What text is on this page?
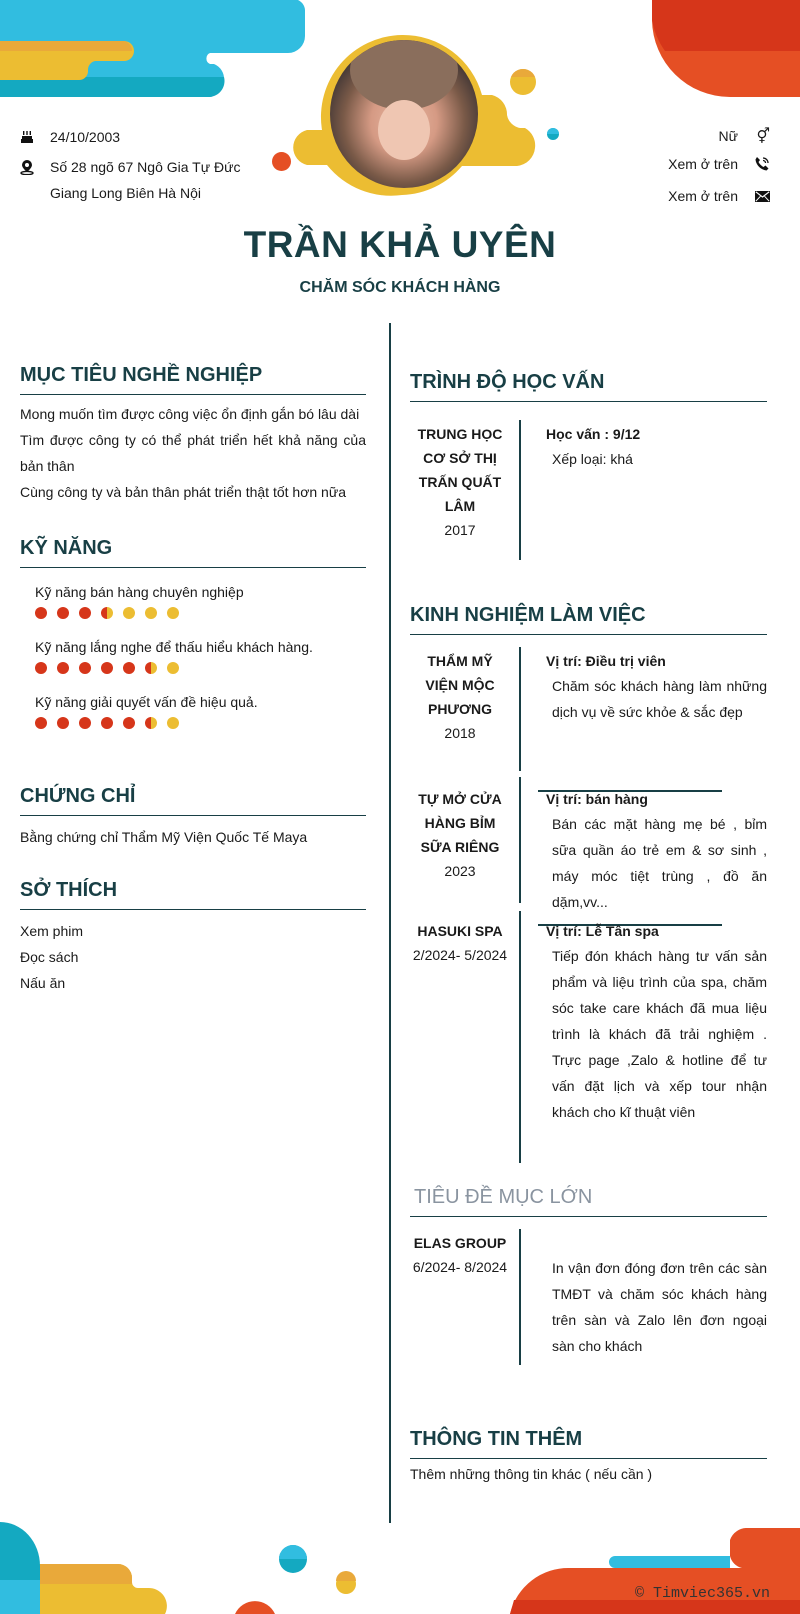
24/10/2003
Số 28 ngõ 67 Ngô Gia Tự Đức
Giang Long Biên Hà Nội
Nữ	⚥
Xem ở trên
Xem ở trên
TRẦN KHẢ UYÊN
CHĂM SÓC KHÁCH HÀNG
MỤC TIÊU NGHỀ NGHIỆP
Mong muốn tìm được công việc ổn định gắn bó lâu dài
Tìm được công ty có thể phát triển hết khả năng của bản thân
Cùng công ty và bản thân phát triển thật tốt hơn nữa
KỸ NĂNG
Kỹ năng bán hàng chuyên nghiệp
Kỹ năng lắng nghe để thấu hiểu khách hàng.
Kỹ năng giải quyết vấn đề hiệu quả.
CHỨNG CHỈ
Bằng chứng chỉ Thẩm Mỹ Viện Quốc Tế Maya
SỞ THÍCH
Xem phim
Đọc sách
Nấu ăn
TRÌNH ĐỘ HỌC VẤN
TRUNG HỌC CƠ SỞ THỊ TRẤN QUẤT LÂM
2017
Học vấn : 9/12
Xếp loại: khá
KINH NGHIỆM LÀM VIỆC
THẨM MỸ VIỆN MỘC PHƯƠNG
2018
Vị trí: Điều trị viên
Chăm sóc khách hàng làm những dịch vụ về sức khỏe & sắc đẹp
TỰ MỞ CỬA HÀNG BỈM SỮA RIÊNG
2023
Vị trí: bán hàng
Bán các mặt hàng mẹ bé , bỉm sữa quần áo trẻ em & sơ sinh , máy móc tiệt trùng , đồ ăn dặm,vv...
HASUKI SPA
2/2024- 5/2024
Vị trí: Lễ Tân spa
Tiếp đón khách hàng tư vấn sản phẩm và liệu trình của spa, chăm sóc take care khách đã mua liệu trình là khách đã trải nghiệm . Trực page ,Zalo & hotline để tư vấn đặt lịch và xếp tour nhận khách cho kĩ thuật viên
TIÊU ĐỀ MỤC LỚN
ELAS GROUP
6/2024- 8/2024	In vận đơn đóng đơn trên các sàn TMĐT và chăm sóc khách hàng trên sàn và Zalo lên đơn ngoại sàn cho khách
THÔNG TIN THÊM
Thêm những thông tin khác ( nếu cần )
© Timviec365.vn
